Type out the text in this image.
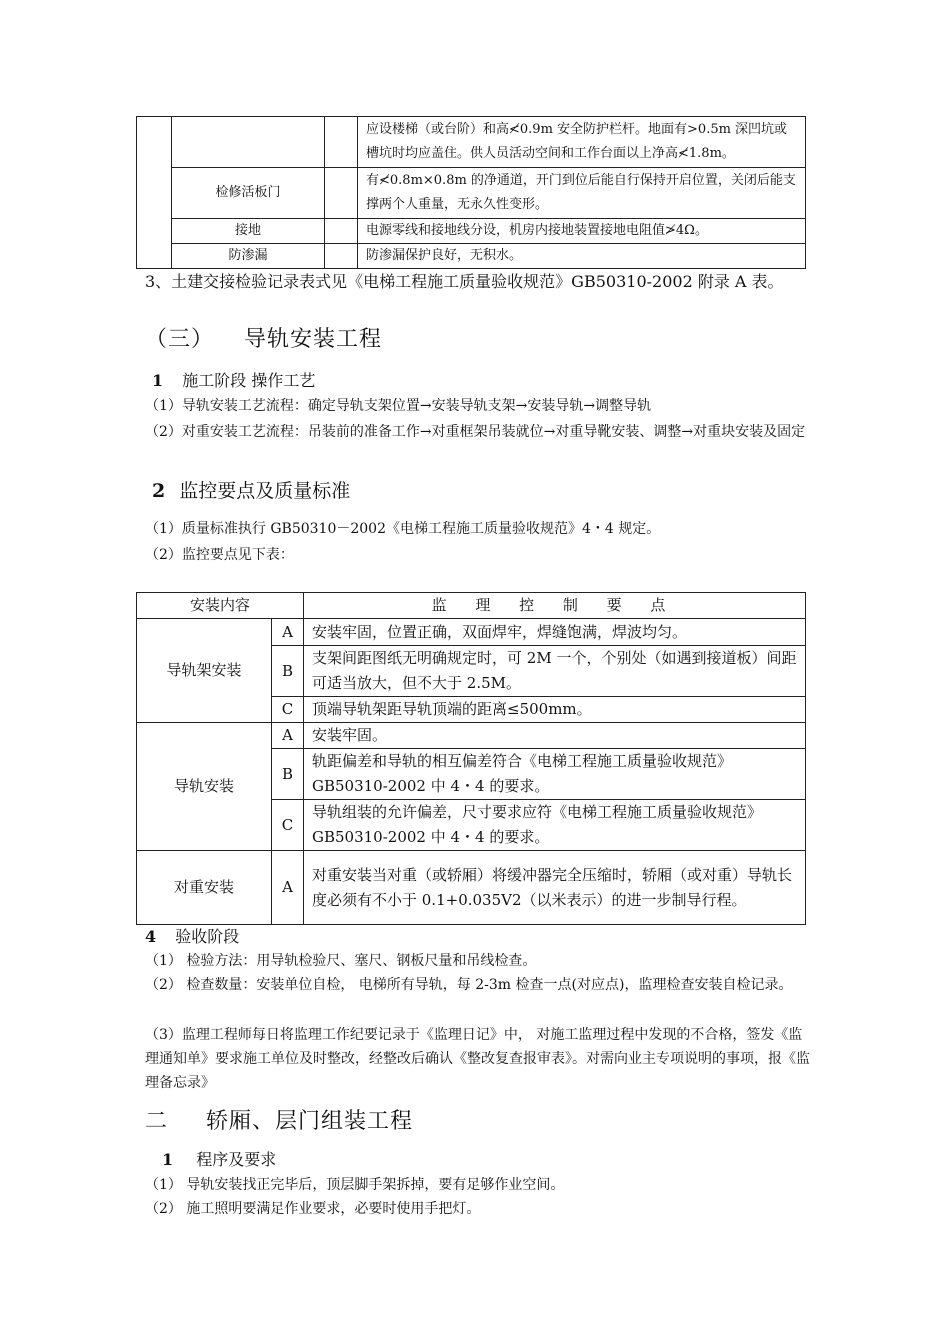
			应设楼梯（或台阶）和高≮0.9m 安全防护栏杆。地面有>0.5m 深凹坑或槽坑时均应盖住。供人员活动空间和工作台面以上净高≮1.8m。
	检修活板门		有≮0.8m×0.8m 的净通道，开门到位后能自行保持开启位置，关闭后能支撑两个人重量，无永久性变形。
	接地		电源零线和接地线分设，机房内接地装置接地电阻值≯4Ω。
	防渗漏		防渗漏保护良好，无积水。
3、土建交接检验记录表式见《电梯工程施工质量验收规范》GB50310-2002 附录 A 表。
（三） 导轨安装工程
1 施工阶段 操作工艺
（1）导轨安装工艺流程：确定导轨支架位置→安装导轨支架→安装导轨→调整导轨
（2）对重安装工艺流程：吊装前的准备工作→对重框架吊装就位→对重导靴安装、调整→对重块安装及固定
2 监控要点及质量标准
（1）质量标准执行 GB50310－2002《电梯工程施工质量验收规范》4・4 规定。
（2）监控要点见下表：
安装内容		监 理 控 制 要 点
导轨架安装	A	安装牢固，位置正确，双面焊牢，焊缝饱满，焊波均匀。
	B	支架间距图纸无明确规定时，可 2M 一个，个别处（如遇到接道板）间距可适当放大，但不大于 2.5M。
	C	顶端导轨架距导轨顶端的距离≤500mm。
导轨安装	A	安装牢固。
	B	轨距偏差和导轨的相互偏差符合《电梯工程施工质量验收规范》GB50310-2002 中 4・4 的要求。
	C	导轨组装的允许偏差，尺寸要求应符《电梯工程施工质量验收规范》GB50310-2002 中 4・4 的要求。
对重安装	A	对重安装当对重（或轿厢）将缓冲器完全压缩时，轿厢（或对重）导轨长度必须有不小于 0.1+0.035V2（以米表示）的进一步制导行程。
4 验收阶段
（1） 检验方法：用导轨检验尺、塞尺、钢板尺量和吊线检查。
（2） 检查数量：安装单位自检， 电梯所有导轨，每 2-3m 检查一点(对应点)，监理检查安装自检记录。
（3）监理工程师每日将监理工作纪要记录于《监理日记》中， 对施工监理过程中发现的不合格，签发《监理通知单》要求施工单位及时整改，经整改后确认《整改复查报审表》。对需向业主专项说明的事项，报《监理备忘录》
二 轿厢、层门组装工程
1 程序及要求
（1） 导轨安装找正完毕后，顶层脚手架拆掉，要有足够作业空间。
（2） 施工照明要满足作业要求，必要时使用手把灯。
